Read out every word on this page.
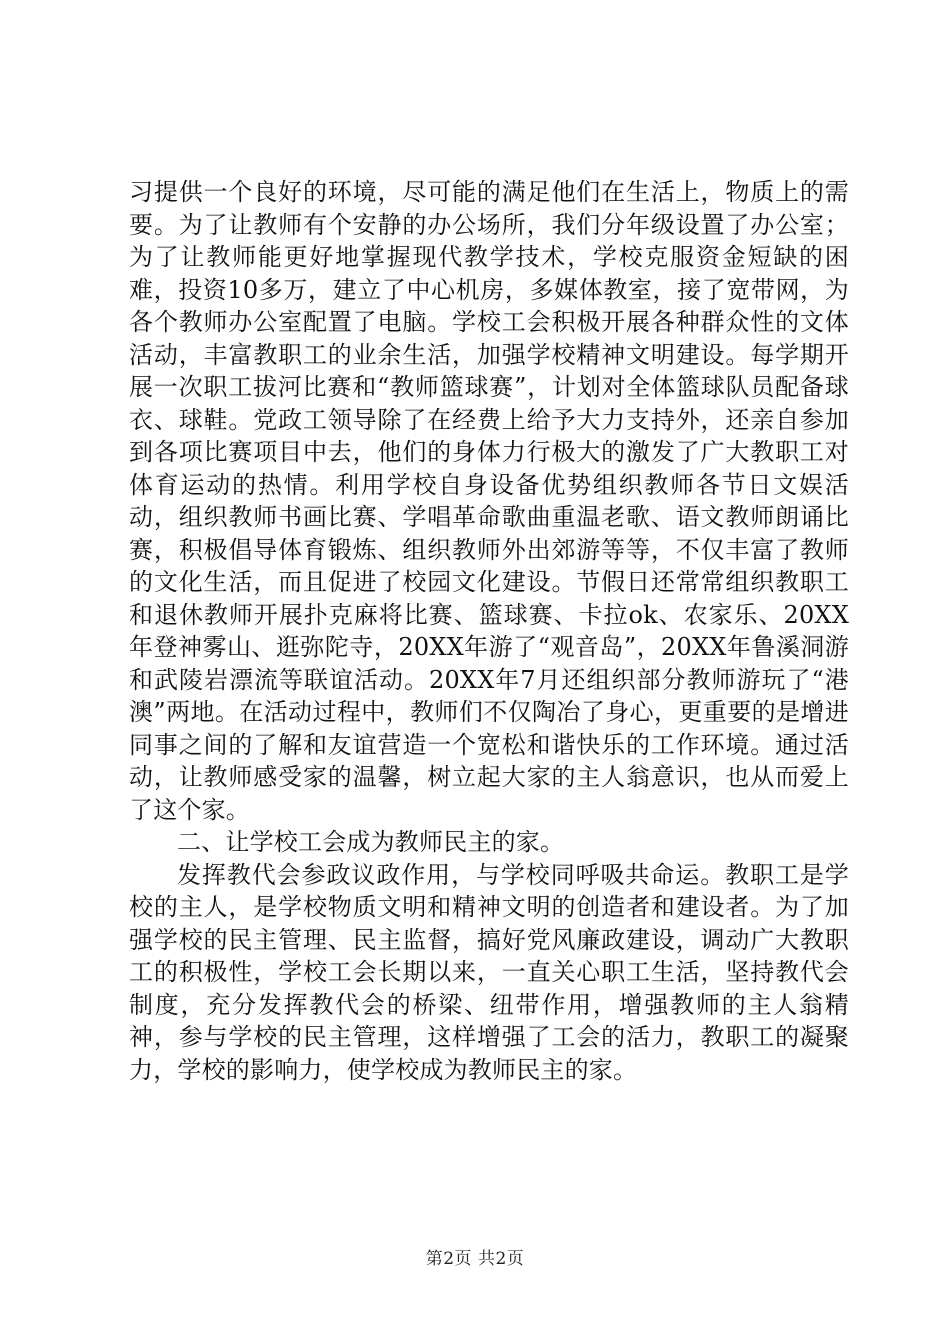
习提供一个良好的环境，尽可能的满足他们在生活上，物质上的需要。为了让教师有个安静的办公场所，我们分年级设置了办公室；为了让教师能更好地掌握现代教学技术，学校克服资金短缺的困难，投资10多万，建立了中心机房，多媒体教室，接了宽带网，为各个教师办公室配置了电脑。学校工会积极开展各种群众性的文体活动，丰富教职工的业余生活，加强学校精神文明建设。每学期开展一次职工拔河比赛和“教师篮球赛”，计划对全体篮球队员配备球衣、球鞋。党政工领导除了在经费上给予大力支持外，还亲自参加到各项比赛项目中去，他们的身体力行极大的激发了广大教职工对体育运动的热情。利用学校自身设备优势组织教师各节日文娱活动，组织教师书画比赛、学唱革命歌曲重温老歌、语文教师朗诵比赛，积极倡导体育锻炼、组织教师外出郊游等等，不仅丰富了教师的文化生活，而且促进了校园文化建设。节假日还常常组织教职工和退休教师开展扑克麻将比赛、篮球赛、卡拉ok、农家乐、20XX年登神雾山、逛弥陀寺，20XX年游了“观音岛”，20XX年鲁溪洞游和武陵岩漂流等联谊活动。20XX年7月还组织部分教师游玩了“港澳”两地。在活动过程中，教师们不仅陶冶了身心，更重要的是增进同事之间的了解和友谊营造一个宽松和谐快乐的工作环境。通过活动，让教师感受家的温馨，树立起大家的主人翁意识，也从而爱上了这个家。

二、让学校工会成为教师民主的家。

发挥教代会参政议政作用，与学校同呼吸共命运。教职工是学校的主人，是学校物质文明和精神文明的创造者和建设者。为了加强学校的民主管理、民主监督，搞好党风廉政建设，调动广大教职工的积极性，学校工会长期以来，一直关心职工生活，坚持教代会制度，充分发挥教代会的桥梁、纽带作用，增强教师的主人翁精神，参与学校的民主管理，这样增强了工会的活力，教职工的凝聚力，学校的影响力，使学校成为教师民主的家。

第2页 共2页
